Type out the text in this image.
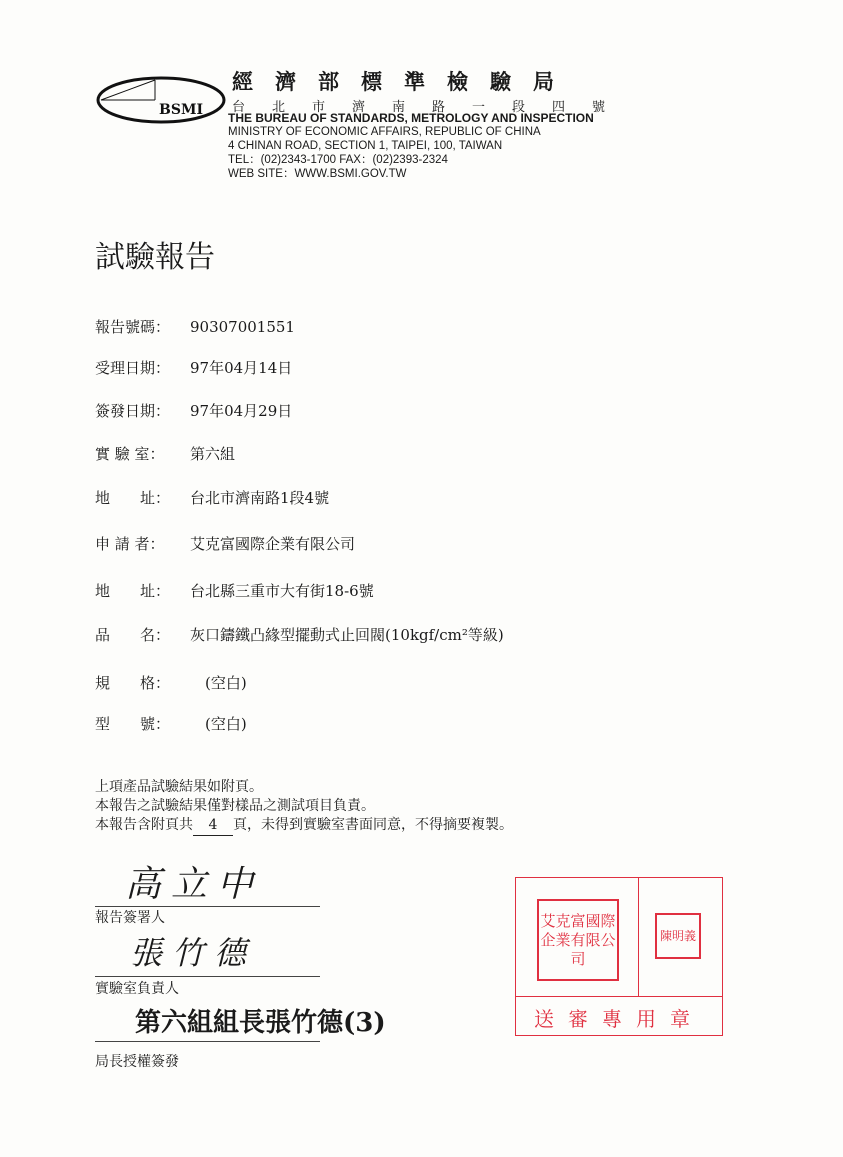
BSMI
經濟部標準檢驗局
台北市濟南路一段四號
THE BUREAU OF STANDARDS, METROLOGY AND INSPECTION
MINISTRY OF ECONOMIC AFFAIRS, REPUBLIC OF CHINA
4 CHINAN ROAD, SECTION 1, TAIPEI, 100, TAIWAN
TEL：(02)2343-1700 FAX：(02)2393-2324
WEB SITE：WWW.BSMI.GOV.TW
試驗報告
報告號碼： 90307001551
受理日期： 97年04月14日
簽發日期： 97年04月29日
實 驗 室： 第六組
地　　址： 台北市濟南路1段4號
申 請 者： 艾克富國際企業有限公司
地　　址： 台北縣三重市大有街18-6號
品　　名： 灰口鑄鐵凸緣型擺動式止回閥(10kgf/cm²等級)
規　　格：　(空白)
型　　號：　(空白)
上項產品試驗結果如附頁。
本報告之試驗結果僅對樣品之測試項目負責。
本報告含附頁共 4 頁，未得到實驗室書面同意，不得摘要複製。
高立中
報告簽署人
張竹德
實驗室負責人
第六組組長張竹德(3)
局長授權簽發
艾克富國際企業有限公司
陳明義
送審專用章
